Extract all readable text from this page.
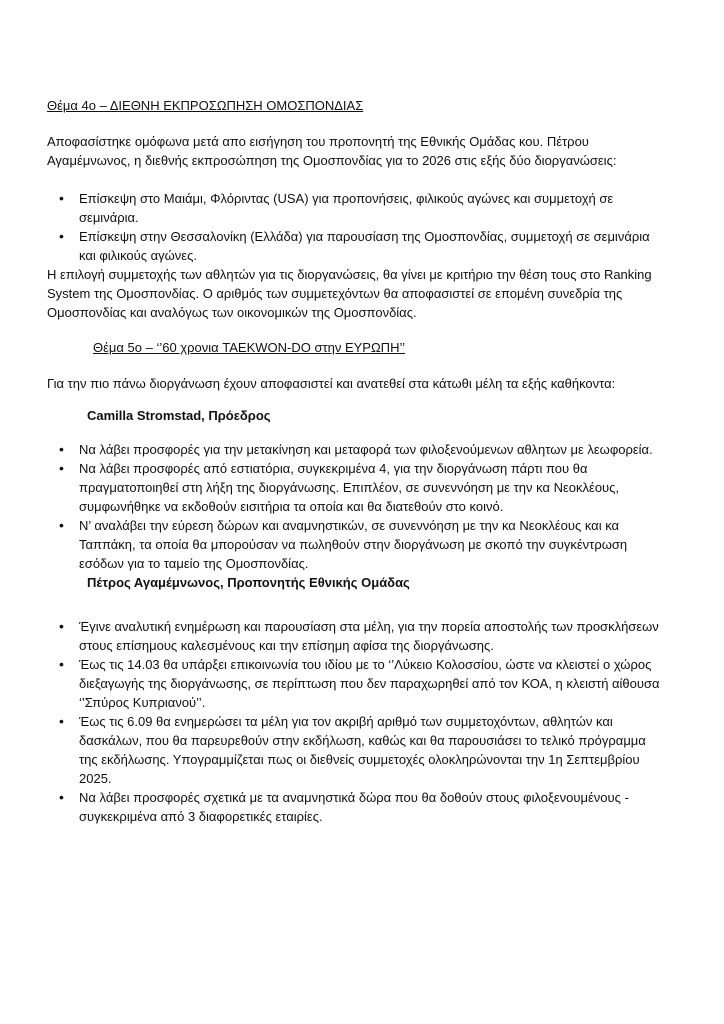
Θέμα 4ο – ΔΙΕΘΝΗ ΕΚΠΡΟΣΩΠΗΣΗ ΟΜΟΣΠΟΝΔΙΑΣ

Αποφασίστηκε ομόφωνα μετά απο εισήγηση του προπονητή της Εθνικής Ομάδας κου. Πέτρου Αγαμέμνωνος, η διεθνής εκπροσώπηση της Ομοσπονδίας για το 2026 στις εξής δύο διοργανώσεις:

• Επίσκεψη στο Μαιάμι, Φλόριντας (USA) για προπονήσεις, φιλικούς αγώνες και συμμετοχή σε σεμινάρια.
• Επίσκεψη στην Θεσσαλονίκη (Ελλάδα) για παρουσίαση της Ομοσπονδίας, συμμετοχή σε σεμινάρια και φιλικούς αγώνες.

Η επιλογή συμμετοχής των αθλητών για τις διοργανώσεις, θα γίνει με κριτήριο την θέση τους στο Ranking System της Ομοσπονδίας. Ο αριθμός των συμμετεχόντων θα αποφασιστεί σε επομένη συνεδρία της Ομοσπονδίας και αναλόγως των οικονομικών της Ομοσπονδίας.

Θέμα 5ο – ‘’60 χρονια TAEKWON-DO στην ΕΥΡΩΠΗ’’

Για την πιο πάνω διοργάνωση έχουν αποφασιστεί και ανατεθεί στα κάτωθι μέλη τα εξής καθήκοντα:

Camilla Stromstad, Πρόεδρος

• Να λάβει προσφορές για την μετακίνηση και μεταφορά των φιλοξενούμενων αθλητων με λεωφορεία.
• Να λάβει προσφορές από εστιατόρια, συγκεκριμένα 4, για την διοργάνωση πάρτι που θα πραγματοποιηθεί στη λήξη της διοργάνωσης. Επιπλέον, σε συνεννόηση με την κα Νεοκλέους, συμφωνήθηκε να εκδοθούν εισιτήρια τα οποία και θα διατεθούν στο κοινό.
• Ν’ αναλάβει την εύρεση δώρων και αναμνηστικών, σε συνεννόηση με την κα Νεοκλέους και κα Ταππάκη, τα οποία θα μπορούσαν να πωληθούν στην διοργάνωση με σκοπό την συγκέντρωση εσόδων για το ταμείο της Ομοσπονδίας.

Πέτρος Αγαμέμνωνος, Προπονητής Εθνικής Ομάδας

• Έγινε αναλυτική ενημέρωση και παρουσίαση στα μέλη, για την πορεία αποστολής των προσκλήσεων στους επίσημους καλεσμένους και την επίσημη αφίσα της διοργάνωσης.
• Έως τις 14.03 θα υπάρξει επικοινωνία του ιδίου με το ‘’Λύκειο Κολοσσίου, ώστε να κλειστεί ο χώρος διεξαγωγής της διοργάνωσης, σε περίπτωση που δεν παραχωρηθεί από τον ΚΟΑ, η κλειστή αίθουσα ‘’Σπύρος Κυπριανού’’.
• Έως τις 6.09 θα ενημερώσει τα μέλη για τον ακριβή αριθμό των συμμετοχόντων, αθλητών και δασκάλων, που θα παρευρεθούν στην εκδήλωση, καθώς και θα παρουσιάσει το τελικό πρόγραμμα της εκδήλωσης. Υπογραμμίζεται πως οι διεθνείς συμμετοχές ολοκληρώνονται την 1η Σεπτεμβρίου 2025.
• Να λάβει προσφορές σχετικά με τα αναμνηστικά δώρα που θα δοθούν στους φιλοξενουμένους - συγκεκριμένα από 3 διαφορετικές εταιρίες.
